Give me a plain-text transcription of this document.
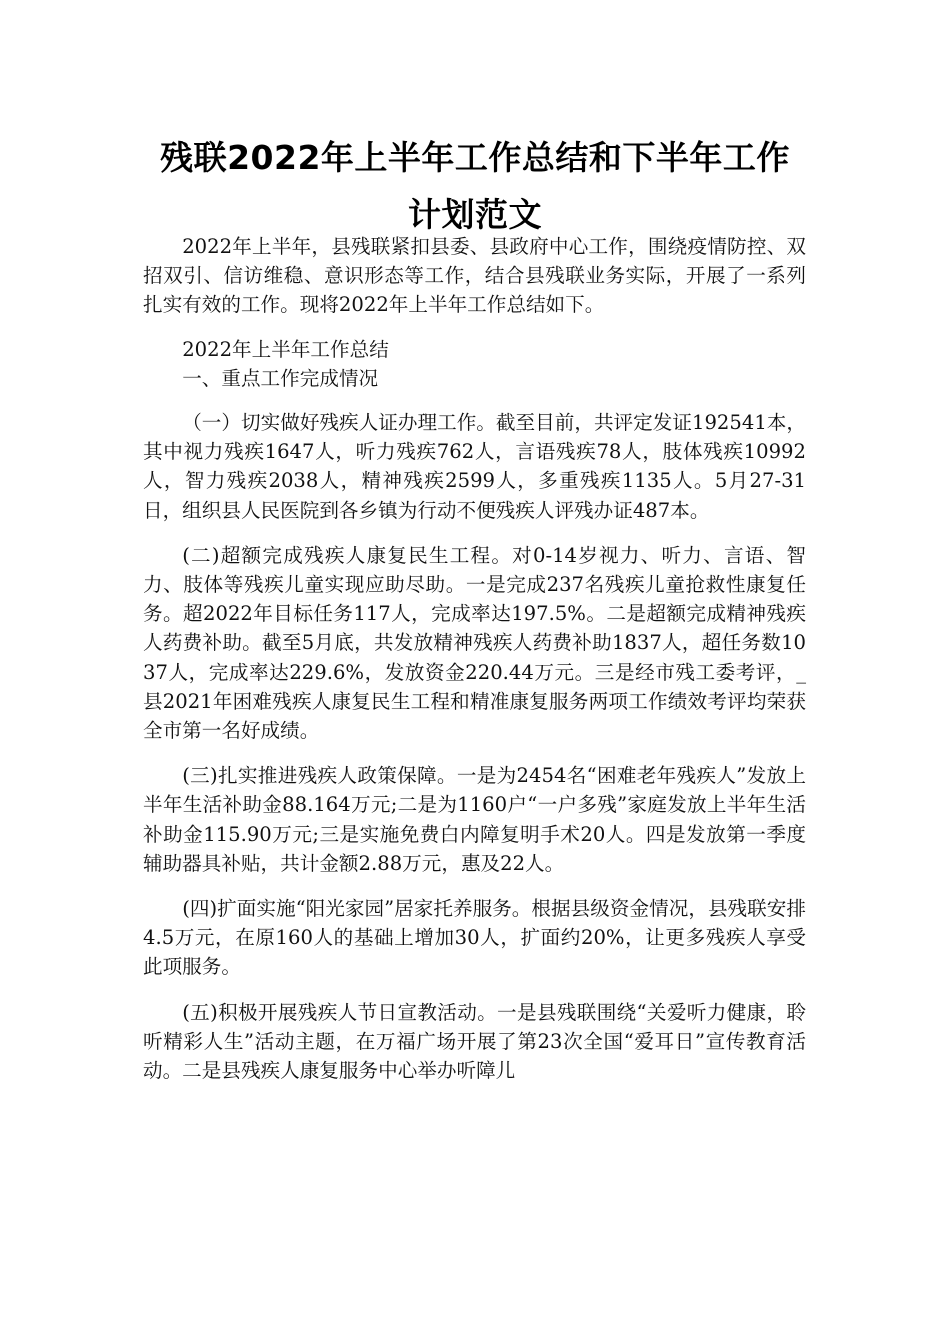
残联2022年上半年工作总结和下半年工作
计划范文

2022年上半年，县残联紧扣县委、县政府中心工作，围绕疫情防控、双招双引、信访维稳、意识形态等工作，结合县残联业务实际，开展了一系列扎实有效的工作。现将2022年上半年工作总结如下。

2022年上半年工作总结

一、重点工作完成情况

（一）切实做好残疾人证办理工作。截至目前，共评定发证192541本，其中视力残疾1647人，听力残疾762人，言语残疾78人，肢体残疾10992人，智力残疾2038人，精神残疾2599人，多重残疾1135人。5月27-31日，组织县人民医院到各乡镇为行动不便残疾人评残办证487本。

(二)超额完成残疾人康复民生工程。对0-14岁视力、听力、言语、智力、肢体等残疾儿童实现应助尽助。一是完成237名残疾儿童抢救性康复任务。超2022年目标任务117人，完成率达197.5%。二是超额完成精神残疾人药费补助。截至5月底，共发放精神残疾人药费补助1837人，超任务数1037人，完成率达229.6%，发放资金220.44万元。三是经市残工委考评，_县2021年困难残疾人康复民生工程和精准康复服务两项工作绩效考评均荣获全市第一名好成绩。

(三)扎实推进残疾人政策保障。一是为2454名“困难老年残疾人”发放上半年生活补助金88.164万元;二是为1160户“一户多残”家庭发放上半年生活补助金115.90万元;三是实施免费白内障复明手术20人。四是发放第一季度辅助器具补贴，共计金额2.88万元，惠及22人。

(四)扩面实施“阳光家园”居家托养服务。根据县级资金情况，县残联安排4.5万元，在原160人的基础上增加30人，扩面约20%，让更多残疾人享受此项服务。

(五)积极开展残疾人节日宣教活动。一是县残联围绕“关爱听力健康，聆听精彩人生”活动主题，在万福广场开展了第23次全国“爱耳日”宣传教育活动。二是县残疾人康复服务中心举办听障儿
